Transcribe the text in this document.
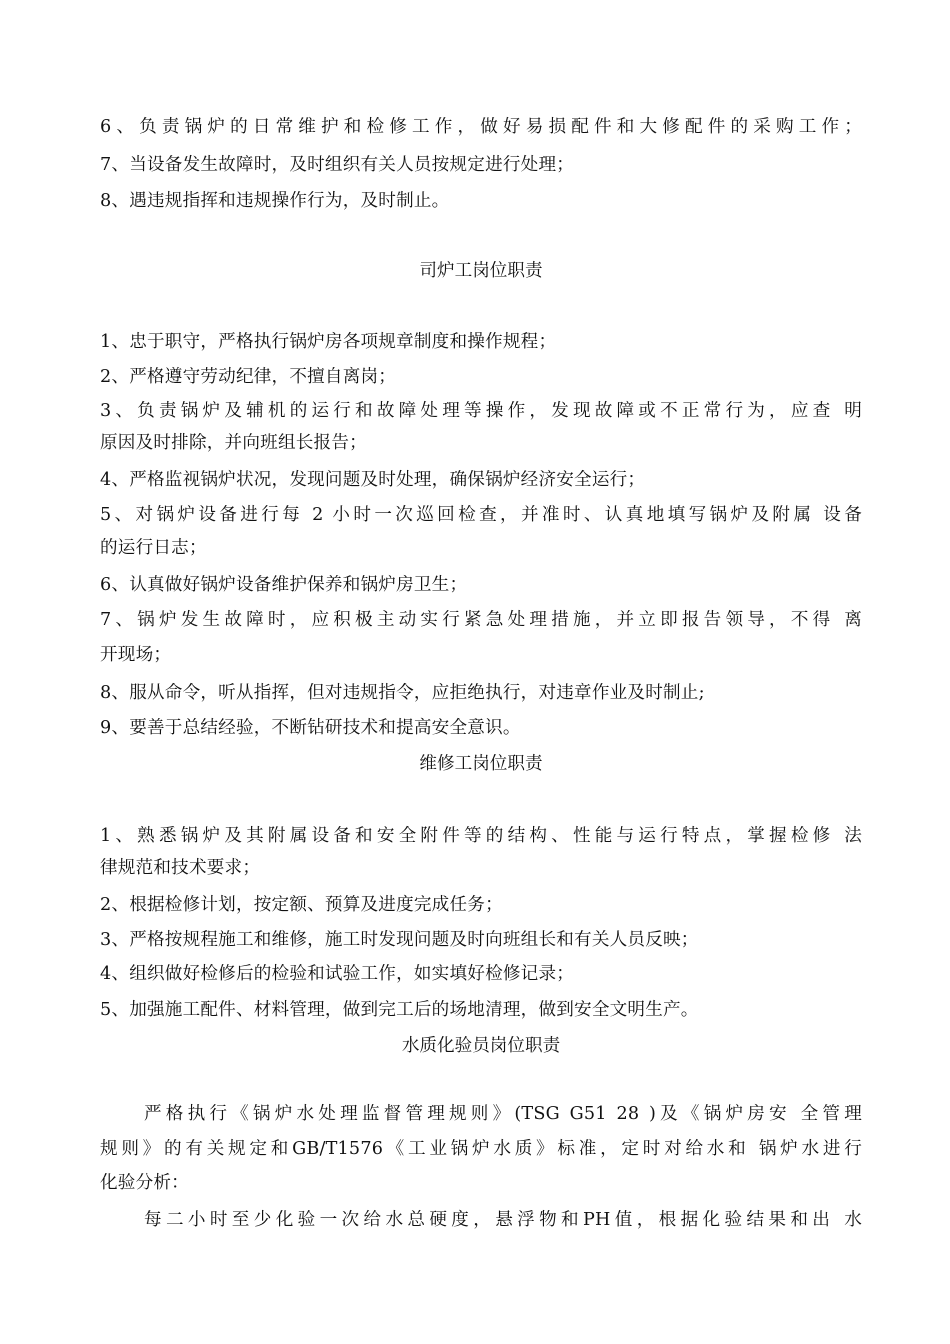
6、负责锅炉的日常维护和检修工作，做好易损配件和大修配件的采购工作；
7、当设备发生故障时，及时组织有关人员按规定进行处理；
8、遇违规指挥和违规操作行为，及时制止。
司炉工岗位职责
1、忠于职守，严格执行锅炉房各项规章制度和操作规程；
2、严格遵守劳动纪律，不擅自离岗；
3、负责锅炉及辅机的运行和故障处理等操作，发现故障或不正常行为，应查 明
原因及时排除，并向班组长报告；
4、严格监视锅炉状况，发现问题及时处理，确保锅炉经济安全运行；
5、对锅炉设备进行每 2 小时一次巡回检查，并准时、认真地填写锅炉及附属 设备
的运行日志；
6、认真做好锅炉设备维护保养和锅炉房卫生；
7、锅炉发生故障时，应积极主动实行紧急处理措施，并立即报告领导，不得 离
开现场；
8、服从命令，听从指挥，但对违规指令，应拒绝执行，对违章作业及时制止;
9、要善于总结经验，不断钻研技术和提高安全意识。
维修工岗位职责
1、熟悉锅炉及其附属设备和安全附件等的结构、性能与运行特点，掌握检修 法
律规范和技术要求；
2、根据检修计划，按定额、预算及进度完成任务；
3、严格按规程施工和维修，施工时发现问题及时向班组长和有关人员反映；
4、组织做好检修后的检验和试验工作，如实填好检修记录；
5、加强施工配件、材料管理，做到完工后的场地清理，做到安全文明生产。
水质化验员岗位职责
严格执行《锅炉水处理监督管理规则》(TSG G51 28 )及《锅炉房安 全管理
规则》的有关规定和GB/T1576《工业锅炉水质》标准，定时对给水和 锅炉水进行
化验分析：
每二小时至少化验一次给水总硬度，悬浮物和PH值，根据化验结果和出 水
